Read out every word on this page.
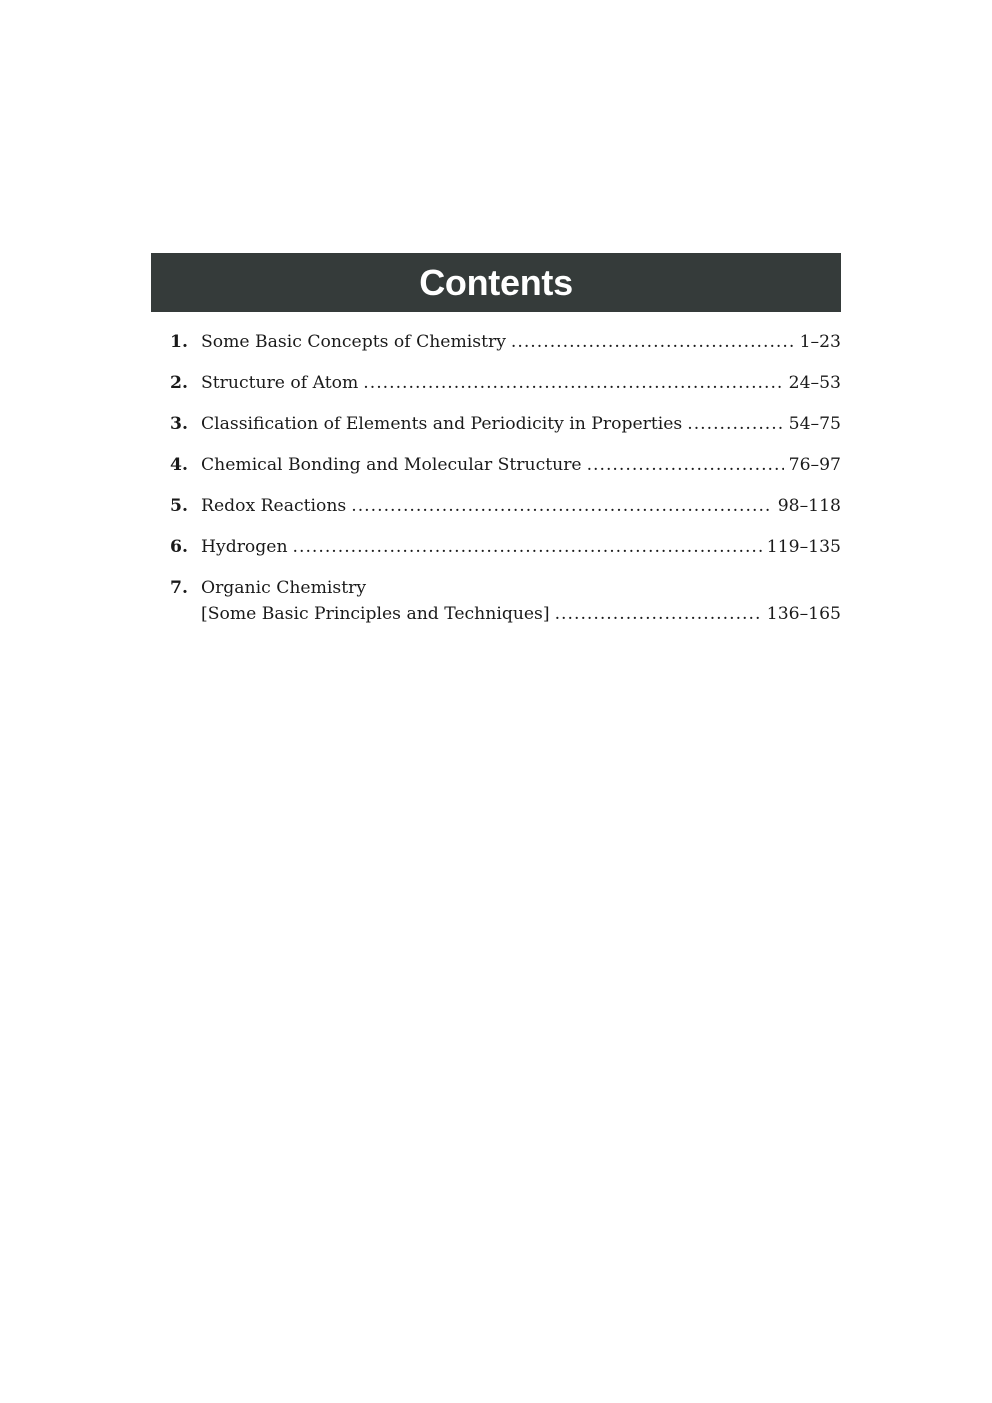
Contents
1. Some Basic Concepts of Chemistry .....	1–23
2. Structure of Atom .....	24–53
3. Classification of Elements and Periodicity in Properties .....	54–75
4. Chemical Bonding and Molecular Structure .....	76–97
5. Redox Reactions .....	98–118
6. Hydrogen .....	119–135
7. Organic Chemistry
[Some Basic Principles and Techniques] .....	136–165
